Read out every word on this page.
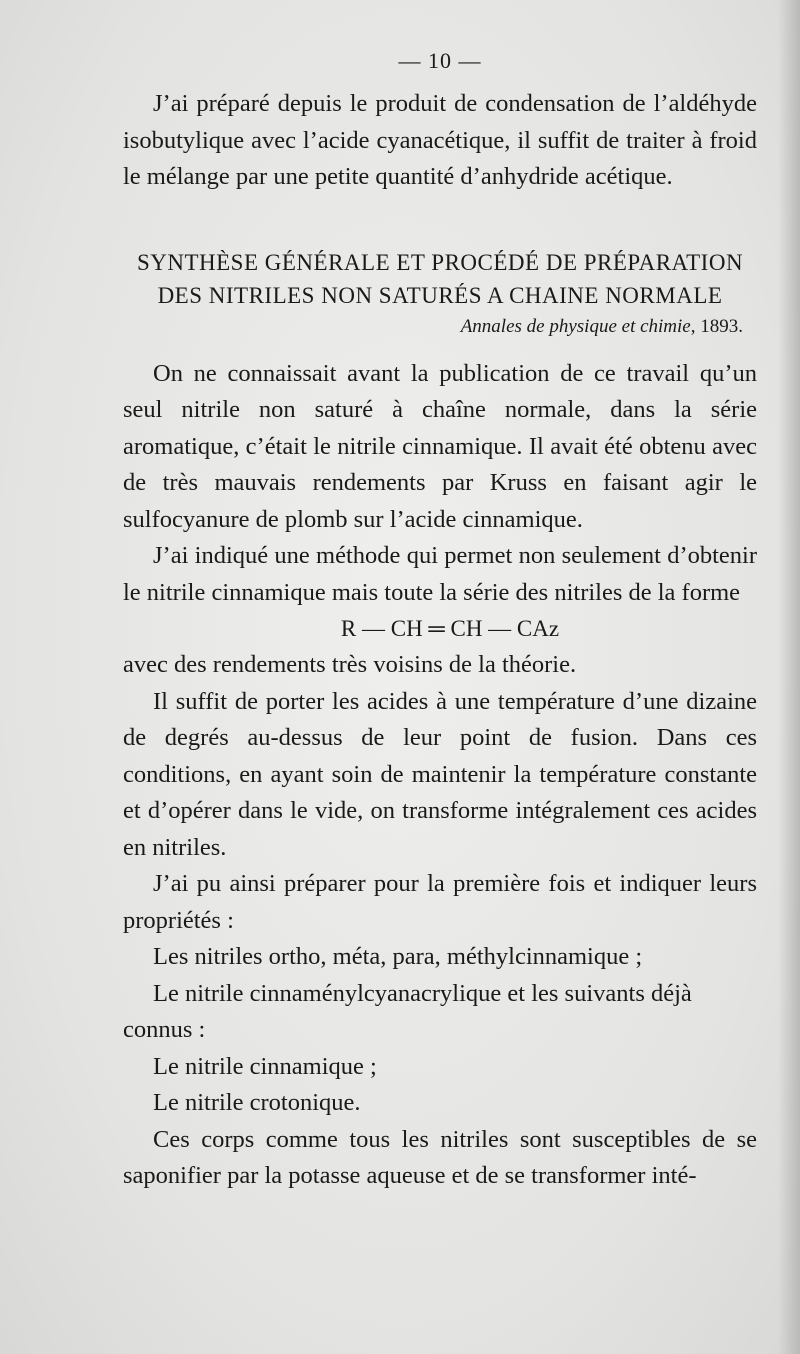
— 10 —

J’ai préparé depuis le produit de condensation de l’aldéhyde isobutylique avec l’acide cyanacétique, il suffit de traiter à froid le mélange par une petite quantité d’anhydride acétique.

SYNTHÈSE GÉNÉRALE ET PROCÉDÉ DE PRÉPARATION
DES NITRILES NON SATURÉS A CHAINE NORMALE
Annales de physique et chimie, 1893.

On ne connaissait avant la publication de ce travail qu’un seul nitrile non saturé à chaîne normale, dans la série aromatique, c’était le nitrile cinnamique. Il avait été obtenu avec de très mauvais rendements par Kruss en faisant agir le sulfocyanure de plomb sur l’acide cinnamique.

J’ai indiqué une méthode qui permet non seulement d’obtenir le nitrile cinnamique mais toute la série des nitriles de la forme

R — CH ═ CH — CAz

avec des rendements très voisins de la théorie.

Il suffit de porter les acides à une température d’une dizaine de degrés au-dessus de leur point de fusion. Dans ces conditions, en ayant soin de maintenir la température constante et d’opérer dans le vide, on transforme intégralement ces acides en nitriles.

J’ai pu ainsi préparer pour la première fois et indiquer leurs propriétés :

Les nitriles ortho, méta, para, méthylcinnamique ;

Le nitrile cinnaménylcyanacrylique et les suivants déjà connus :

Le nitrile cinnamique ;

Le nitrile crotonique.

Ces corps comme tous les nitriles sont susceptibles de se saponifier par la potasse aqueuse et de se transformer inté-
